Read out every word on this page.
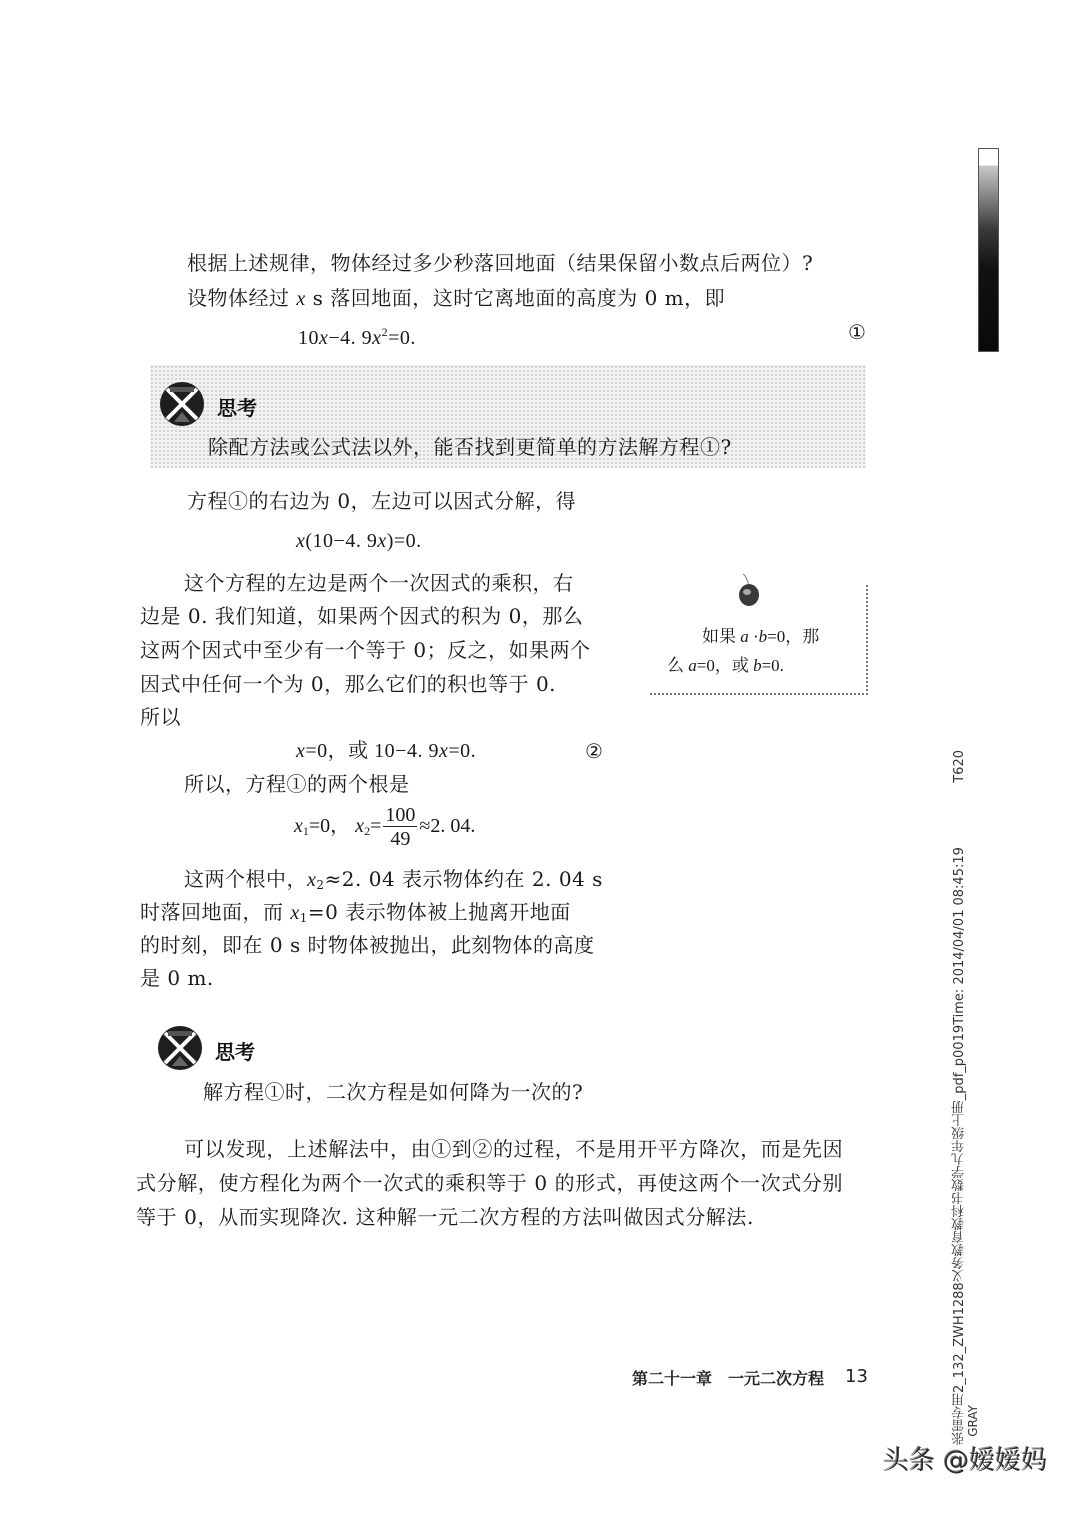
根据上述规律，物体经过多少秒落回地面（结果保留小数点后两位）?
设物体经过 x s 落回地面，这时它离地面的高度为 0 m，即
10x−4. $9x^2=0$.	①
思考
除配方法或公式法以外，能否找到更简单的方法解方程①?
方程①的右边为 0，左边可以因式分解，得
x(10−4. 9x)=0.
这个方程的左边是两个一次因式的乘积，右
边是 0. 我们知道，如果两个因式的积为 0，那么
这两个因式中至少有一个等于 0；反之，如果两个
因式中任何一个为 0，那么它们的积也等于 0.
所以
如果 a ·b=0，那
么 a=0，或 b=0.
x=0，或 10−4. 9x=0.	②
所以，方程①的两个根是
$x_1=0$， $x_2= \frac{100}{49} \approx 2$. 04.
这两个根中，$x_2\approx 2$. 04 表示物体约在 2. 04 s
时落回地面，而 $x_1=0$ 表示物体被上抛离开地面
的时刻，即在 0 s 时物体被抛出，此刻物体的高度
是 0 m.
思考
解方程①时，二次方程是如何降为一次的?
可以发现，上述解法中，由①到②的过程，不是用开平方降次，而是先因
式分解，使方程化为两个一次式的乘积等于 0 的形式，再使这两个一次式分别
等于 0，从而实现降次. 这种解一元二次方程的方法叫做因式分解法.
第二十一章　一元二次方程 13
T620
张雷专用2_132_ZWH1288义务教育教科书数学九年级上册_pdf_p0019Time: 2014/04/01 08:45:19 GRAY
头条 @嫒嫒妈
